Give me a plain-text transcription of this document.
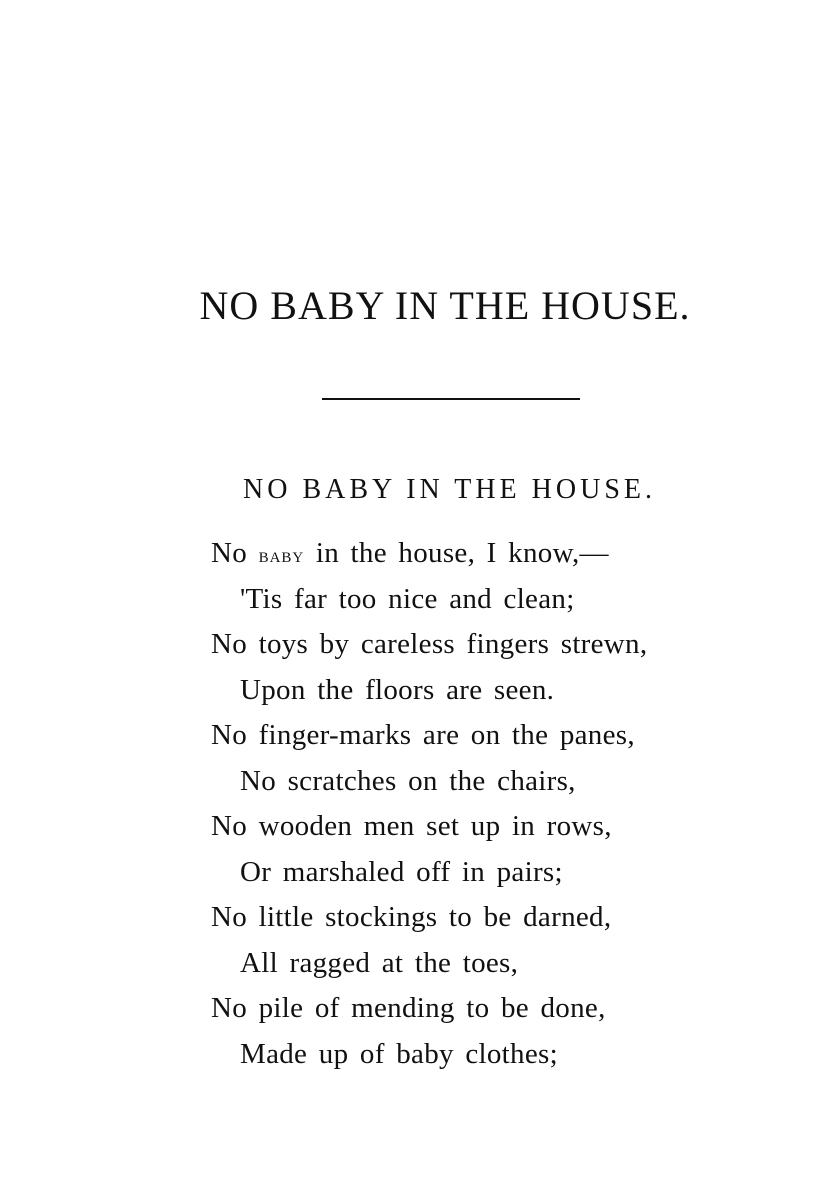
NO BABY IN THE HOUSE.
NO BABY IN THE HOUSE.
No baby in the house, I know,—
'Tis far too nice and clean;
No toys by careless fingers strewn,
Upon the floors are seen.
No finger-marks are on the panes,
No scratches on the chairs,
No wooden men set up in rows,
Or marshaled off in pairs;
No little stockings to be darned,
All ragged at the toes,
No pile of mending to be done,
Made up of baby clothes;
